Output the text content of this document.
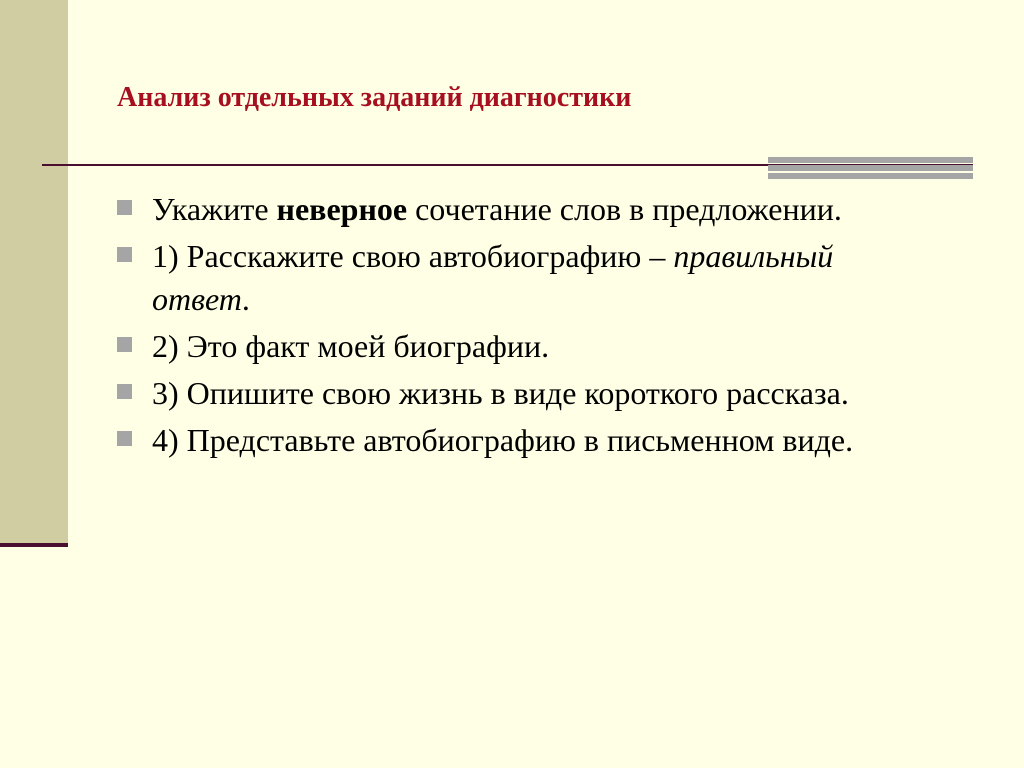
Анализ отдельных заданий диагностики
Укажите неверное сочетание слов в предложении.
1) Расскажите свою автобиографию – правильный ответ.
2) Это факт моей биографии.
3) Опишите свою жизнь в виде короткого рассказа.
4) Представьте автобиографию в письменном виде.
